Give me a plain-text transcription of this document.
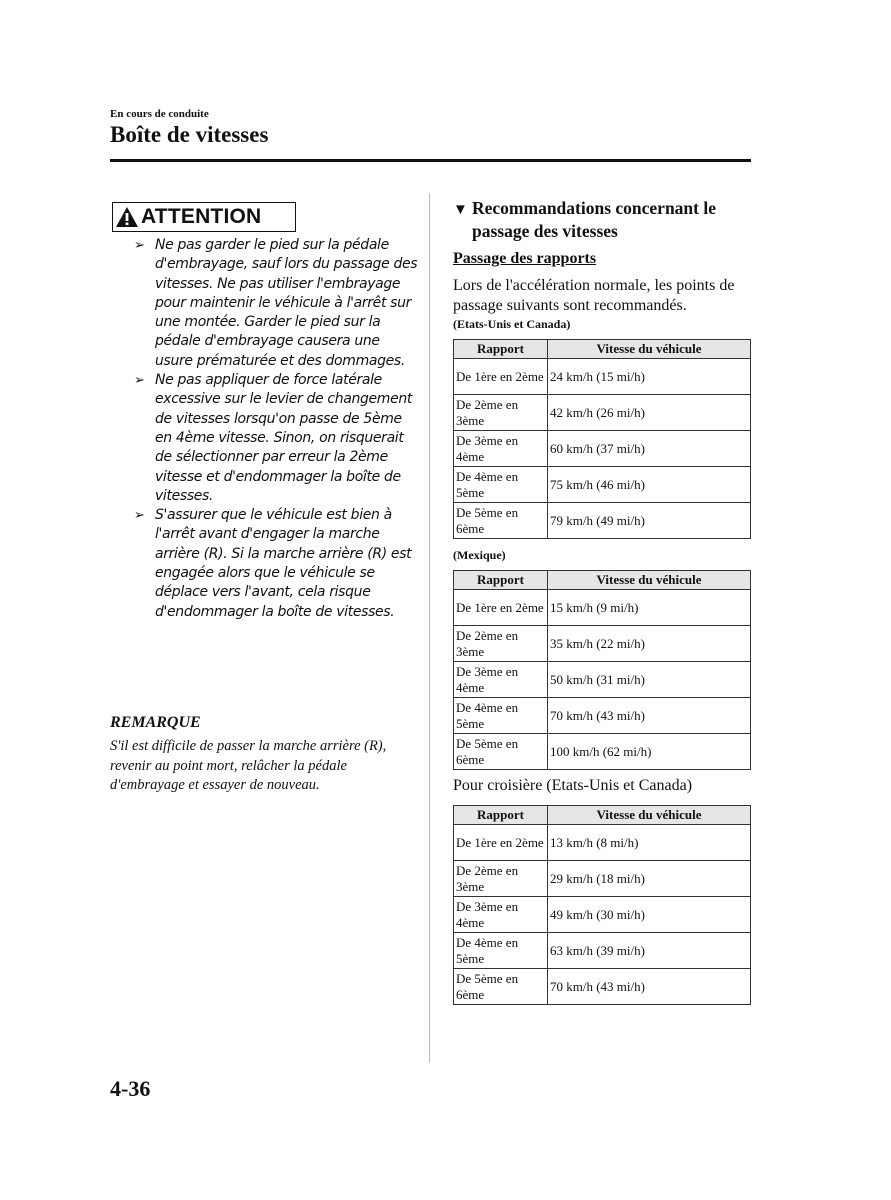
En cours de conduite
Boîte de vitesses
ATTENTION
➢ Ne pas garder le pied sur la pédale d'embrayage, sauf lors du passage des vitesses. Ne pas utiliser l'embrayage pour maintenir le véhicule à l'arrêt sur une montée. Garder le pied sur la pédale d'embrayage causera une usure prématurée et des dommages.
➢ Ne pas appliquer de force latérale excessive sur le levier de changement de vitesses lorsqu'on passe de 5ème en 4ème vitesse. Sinon, on risquerait de sélectionner par erreur la 2ème vitesse et d'endommager la boîte de vitesses.
➢ S'assurer que le véhicule est bien à l'arrêt avant d'engager la marche arrière (R). Si la marche arrière (R) est engagée alors que le véhicule se déplace vers l'avant, cela risque d'endommager la boîte de vitesses.
REMARQUE
S'il est difficile de passer la marche arrière (R), revenir au point mort, relâcher la pédale d'embrayage et essayer de nouveau.
▼ Recommandations concernant le
passage des vitesses
Passage des rapports
Lors de l'accélération normale, les points de passage suivants sont recommandés.
(Etats-Unis et Canada)
Rapport	Vitesse du véhicule
De 1ère en 2ème	24 km/h (15 mi/h)
De 2ème en 3ème	42 km/h (26 mi/h)
De 3ème en 4ème	60 km/h (37 mi/h)
De 4ème en 5ème	75 km/h (46 mi/h)
De 5ème en 6ème	79 km/h (49 mi/h)
(Mexique)
Rapport	Vitesse du véhicule
De 1ère en 2ème	15 km/h (9 mi/h)
De 2ème en 3ème	35 km/h (22 mi/h)
De 3ème en 4ème	50 km/h (31 mi/h)
De 4ème en 5ème	70 km/h (43 mi/h)
De 5ème en 6ème	100 km/h (62 mi/h)
Pour croisière (Etats-Unis et Canada)
Rapport	Vitesse du véhicule
De 1ère en 2ème	13 km/h (8 mi/h)
De 2ème en 3ème	29 km/h (18 mi/h)
De 3ème en 4ème	49 km/h (30 mi/h)
De 4ème en 5ème	63 km/h (39 mi/h)
De 5ème en 6ème	70 km/h (43 mi/h)
4-36
